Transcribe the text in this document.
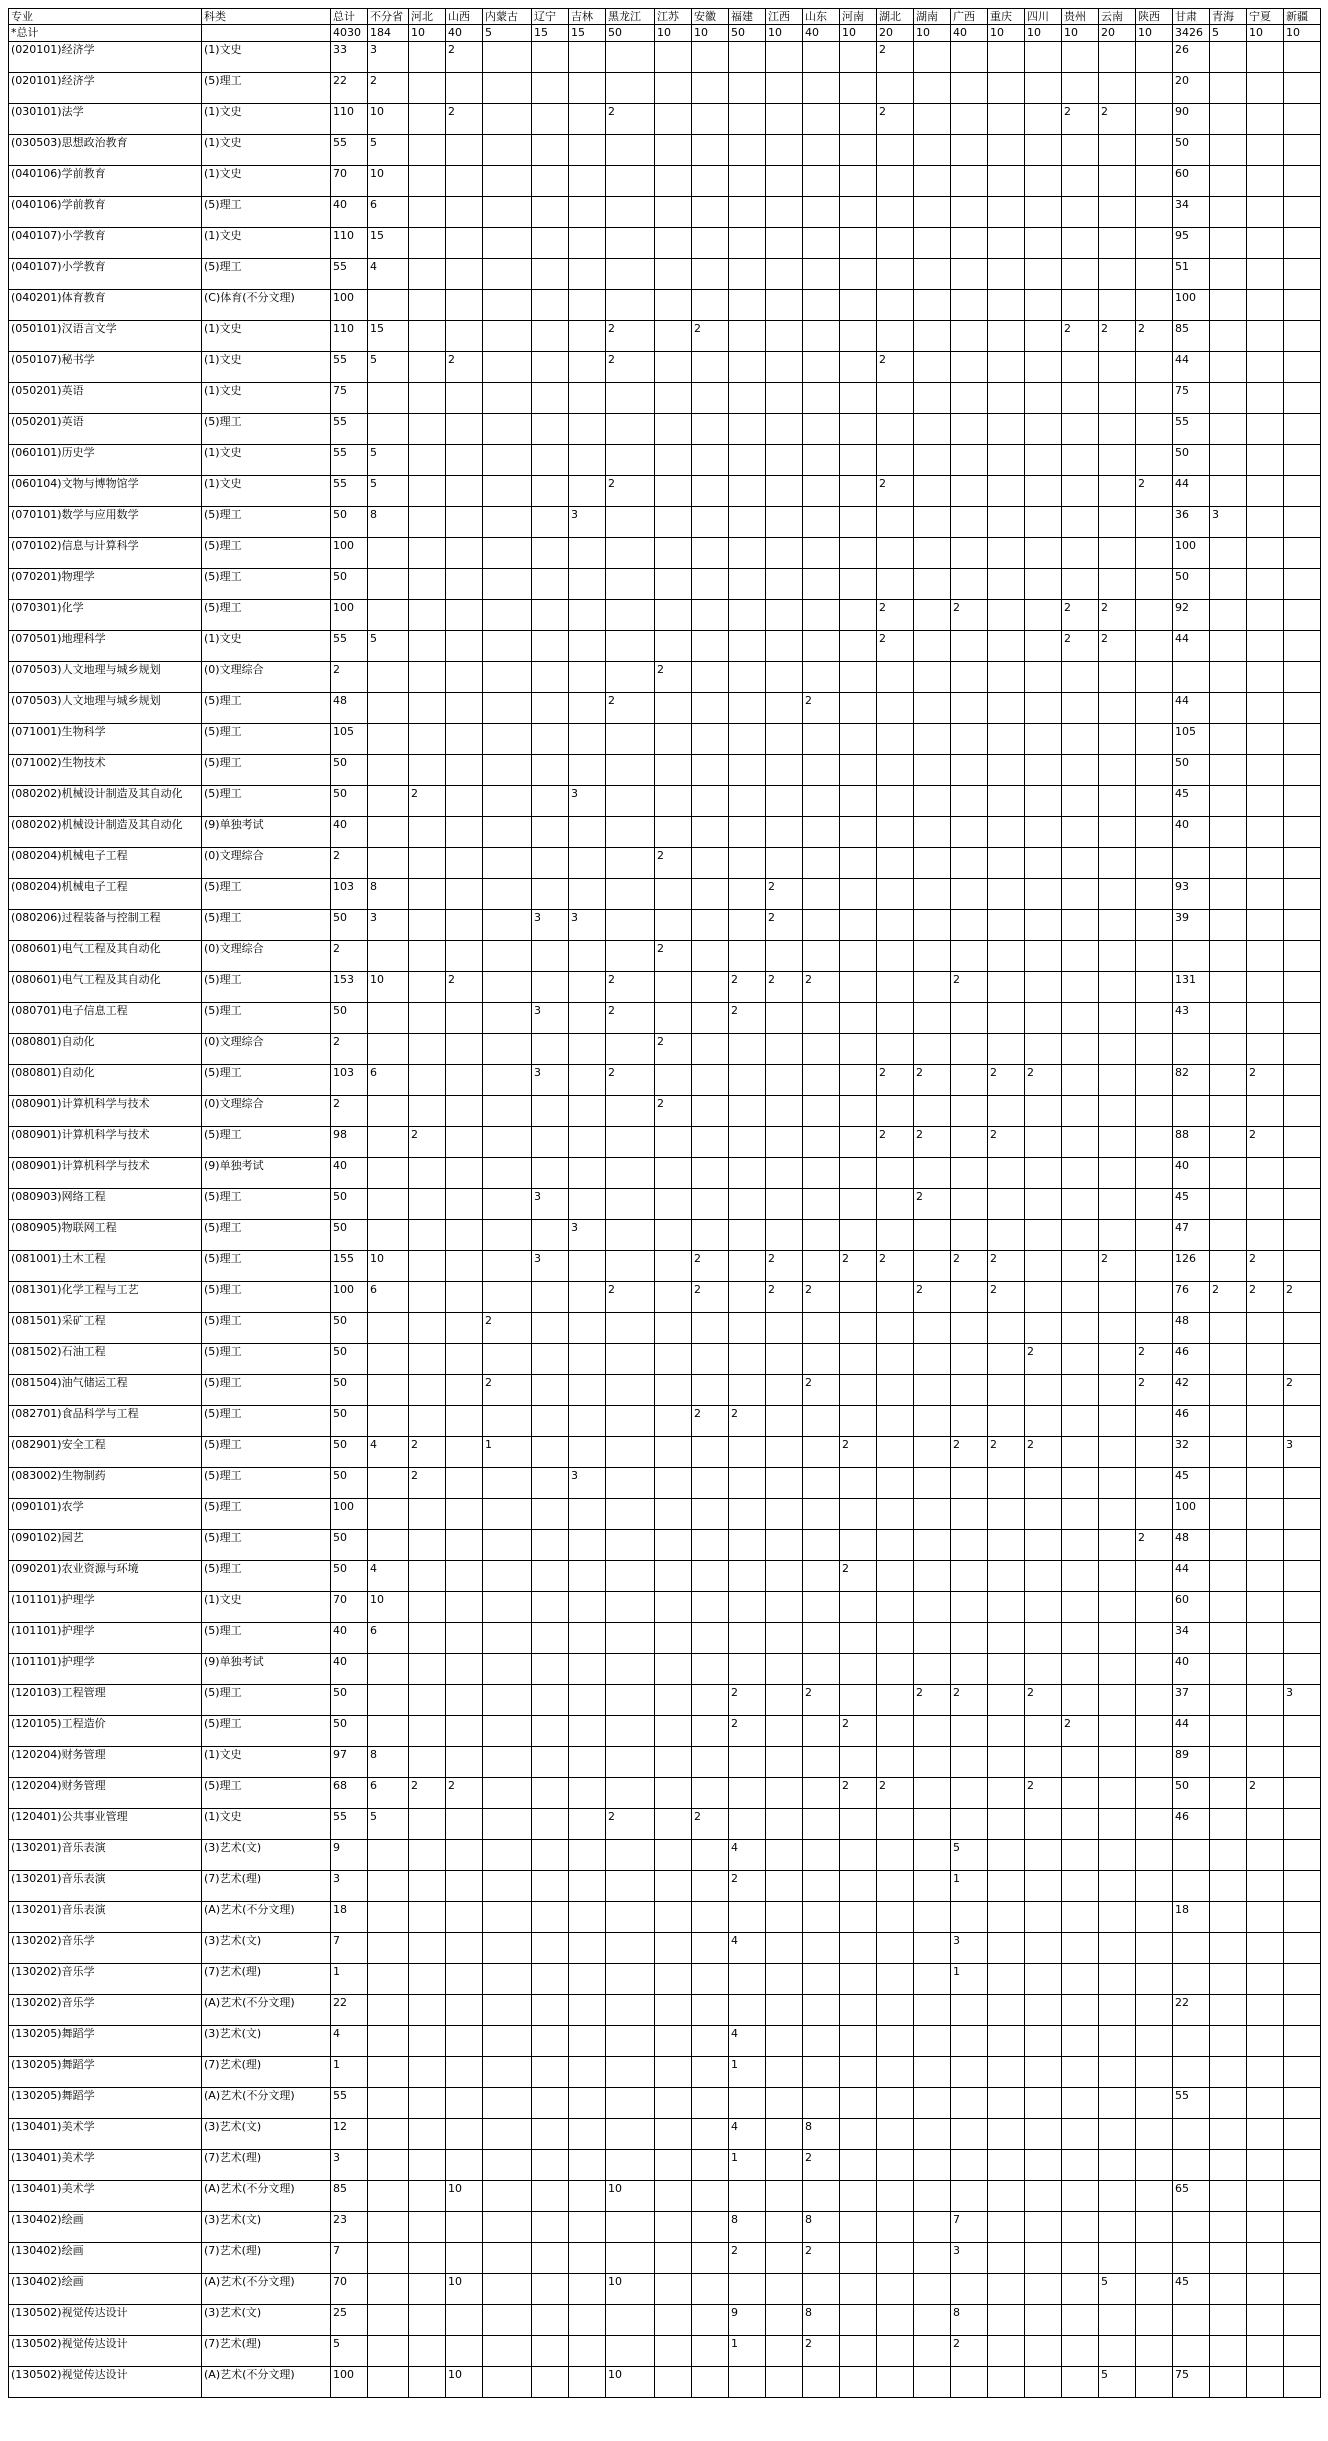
专业	科类	总计	不分省	河北	山西	内蒙古	辽宁	吉林	黑龙江	江苏	安徽	福建	江西	山东	河南	湖北	湖南	广西	重庆	四川	贵州	云南	陕西	甘肃	青海	宁夏	新疆
*总计		4030	184	10	40	5	15	15	50	10	10	50	10	40	10	20	10	40	10	10	10	20	10	3426	5	10	10
(020101)经济学	(1)文史	33	3		2											2								26			
(020101)经济学	(5)理工	22	2																					20			
(030101)法学	(1)文史	110	10		2				2							2					2	2		90			
(030503)思想政治教育	(1)文史	55	5																					50			
(040106)学前教育	(1)文史	70	10																					60			
(040106)学前教育	(5)理工	40	6																					34			
(040107)小学教育	(1)文史	110	15																					95			
(040107)小学教育	(5)理工	55	4																					51			
(040201)体育教育	(C)体育(不分文理)	100																						100			
(050101)汉语言文学	(1)文史	110	15						2		2										2	2	2	85			
(050107)秘书学	(1)文史	55	5		2				2							2								44			
(050201)英语	(1)文史	75																						75			
(050201)英语	(5)理工	55																						55			
(060101)历史学	(1)文史	55	5																					50			
(060104)文物与博物馆学	(1)文史	55	5						2							2							2	44			
(070101)数学与应用数学	(5)理工	50	8					3																36	3		
(070102)信息与计算科学	(5)理工	100																						100			
(070201)物理学	(5)理工	50																						50			
(070301)化学	(5)理工	100														2		2			2	2		92			
(070501)地理科学	(1)文史	55	5													2					2	2		44			
(070503)人文地理与城乡规划	(0)文理综合	2								2																	
(070503)人文地理与城乡规划	(5)理工	48							2					2										44			
(071001)生物科学	(5)理工	105																						105			
(071002)生物技术	(5)理工	50																						50			
(080202)机械设计制造及其自动化	(5)理工	50		2				3																45			
(080202)机械设计制造及其自动化	(9)单独考试	40																						40			
(080204)机械电子工程	(0)文理综合	2								2																	
(080204)机械电子工程	(5)理工	103	8										2											93			
(080206)过程装备与控制工程	(5)理工	50	3				3	3					2											39			
(080601)电气工程及其自动化	(0)文理综合	2								2																	
(080601)电气工程及其自动化	(5)理工	153	10		2				2			2	2	2				2						131			
(080701)电子信息工程	(5)理工	50					3		2			2												43			
(080801)自动化	(0)文理综合	2								2																	
(080801)自动化	(5)理工	103	6				3		2							2	2		2	2				82		2	
(080901)计算机科学与技术	(0)文理综合	2								2																	
(080901)计算机科学与技术	(5)理工	98		2												2	2		2					88		2	
(080901)计算机科学与技术	(9)单独考试	40																						40			
(080903)网络工程	(5)理工	50					3										2							45			
(080905)物联网工程	(5)理工	50						3																47			
(081001)土木工程	(5)理工	155	10				3				2		2		2	2		2	2			2		126		2	
(081301)化学工程与工艺	(5)理工	100	6						2		2		2	2			2		2					76	2	2	2
(081501)采矿工程	(5)理工	50				2																		48			
(081502)石油工程	(5)理工	50																		2			2	46			
(081504)油气储运工程	(5)理工	50				2								2									2	42			2
(082701)食品科学与工程	(5)理工	50									2	2												46			
(082901)安全工程	(5)理工	50	4	2		1									2			2	2	2				32			3
(083002)生物制药	(5)理工	50		2				3																45			
(090101)农学	(5)理工	100																						100			
(090102)园艺	(5)理工	50																					2	48			
(090201)农业资源与环境	(5)理工	50	4												2									44			
(101101)护理学	(1)文史	70	10																					60			
(101101)护理学	(5)理工	40	6																					34			
(101101)护理学	(9)单独考试	40																						40			
(120103)工程管理	(5)理工	50										2		2			2	2		2				37			3
(120105)工程造价	(5)理工	50										2			2						2			44			
(120204)财务管理	(1)文史	97	8																					89			
(120204)财务管理	(5)理工	68	6	2	2										2	2				2				50		2	
(120401)公共事业管理	(1)文史	55	5						2		2													46			
(130201)音乐表演	(3)艺术(文)	9										4						5									
(130201)音乐表演	(7)艺术(理)	3										2						1									
(130201)音乐表演	(A)艺术(不分文理)	18																						18			
(130202)音乐学	(3)艺术(文)	7										4						3									
(130202)音乐学	(7)艺术(理)	1																1									
(130202)音乐学	(A)艺术(不分文理)	22																						22			
(130205)舞蹈学	(3)艺术(文)	4										4															
(130205)舞蹈学	(7)艺术(理)	1										1															
(130205)舞蹈学	(A)艺术(不分文理)	55																						55			
(130401)美术学	(3)艺术(文)	12										4		8													
(130401)美术学	(7)艺术(理)	3										1		2													
(130401)美术学	(A)艺术(不分文理)	85			10				10															65			
(130402)绘画	(3)艺术(文)	23										8		8				7									
(130402)绘画	(7)艺术(理)	7										2		2				3									
(130402)绘画	(A)艺术(不分文理)	70			10				10													5		45			
(130502)视觉传达设计	(3)艺术(文)	25										9		8				8									
(130502)视觉传达设计	(7)艺术(理)	5										1		2				2									
(130502)视觉传达设计	(A)艺术(不分文理)	100			10				10													5		75			
